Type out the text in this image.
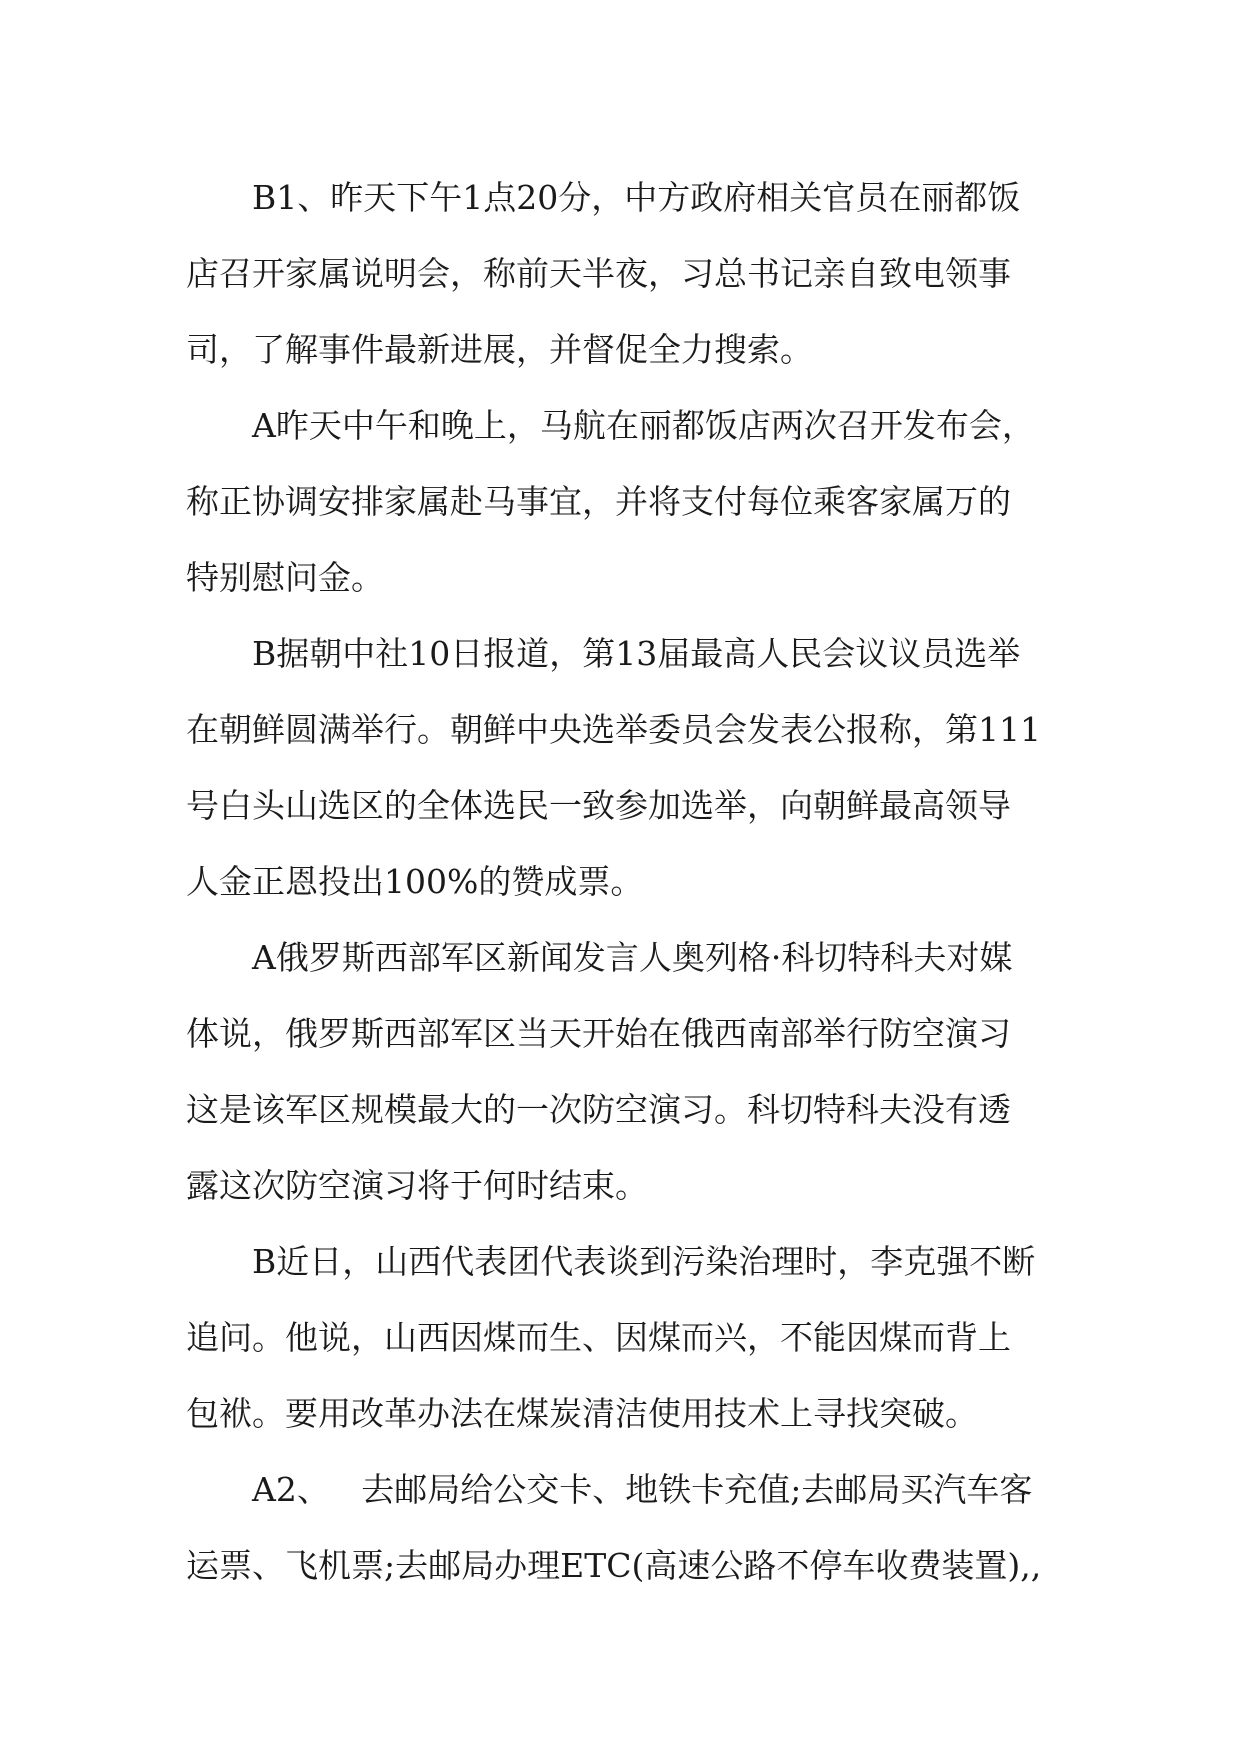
B1、昨天下午1点20分，中方政府相关官员在丽都饭
店召开家属说明会，称前天半夜，习总书记亲自致电领事
司，了解事件最新进展，并督促全力搜索。

A昨天中午和晚上，马航在丽都饭店两次召开发布会，
称正协调安排家属赴马事宜，并将支付每位乘客家属万的
特别慰问金。

B据朝中社10日报道，第13届最高人民会议议员选举
在朝鲜圆满举行。朝鲜中央选举委员会发表公报称，第111
号白头山选区的全体选民一致参加选举，向朝鲜最高领导
人金正恩投出100%的赞成票。

A俄罗斯西部军区新闻发言人奥列格·科切特科夫对媒
体说，俄罗斯西部军区当天开始在俄西南部举行防空演习
这是该军区规模最大的一次防空演习。科切特科夫没有透
露这次防空演习将于何时结束。

B近日，山西代表团代表谈到污染治理时，李克强不断
追问。他说，山西因煤而生、因煤而兴，不能因煤而背上
包袱。要用改革办法在煤炭清洁使用技术上寻找突破。

A2、   去邮局给公交卡、地铁卡充值;去邮局买汽车客
运票、飞机票;去邮局办理ETC(高速公路不停车收费装置),,
